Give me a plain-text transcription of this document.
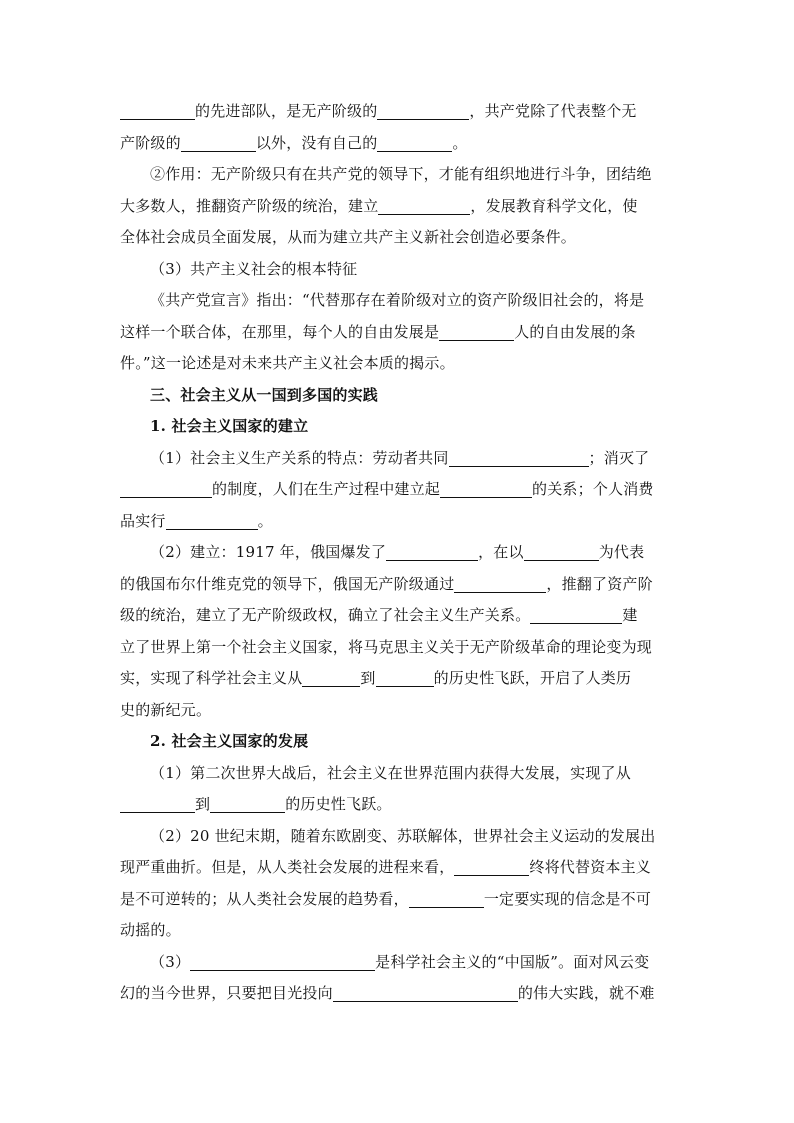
的先进部队，是无产阶级的	，共产党除了代表整个无
产阶级的	以外，没有自己的	。
②作用：无产阶级只有在共产党的领导下，才能有组织地进行斗争，团结绝
大多数人，推翻资产阶级的统治，建立	，发展教育科学文化，使
全体社会成员全面发展，从而为建立共产主义新社会创造必要条件。
（3）共产主义社会的根本特征
《共产党宣言》指出：“代替那存在着阶级对立的资产阶级旧社会的，将是
这样一个联合体，在那里，每个人的自由发展是	人的自由发展的条
件。”这一论述是对未来共产主义社会本质的揭示。
三、社会主义从一国到多国的实践
1. 社会主义国家的建立
（1）社会主义生产关系的特点：劳动者共同	；消灭了
的制度，人们在生产过程中建立起	的关系；个人消费
品实行	。
（2）建立：1917 年，俄国爆发了	，在以	为代表
的俄国布尔什维克党的领导下，俄国无产阶级通过	，推翻了资产阶
级的统治，建立了无产阶级政权，确立了社会主义生产关系。	建
立了世界上第一个社会主义国家，将马克思主义关于无产阶级革命的理论变为现
实，实现了科学社会主义从	到	的历史性飞跃，开启了人类历
史的新纪元。
2. 社会主义国家的发展
（1）第二次世界大战后，社会主义在世界范围内获得大发展，实现了从
到	的历史性飞跃。
（2）20 世纪末期，随着东欧剧变、苏联解体，世界社会主义运动的发展出
现严重曲折。但是，从人类社会发展的进程来看，	终将代替资本主义
是不可逆转的；从人类社会发展的趋势看，	一定要实现的信念是不可
动摇的。
（3）	是科学社会主义的“中国版”。面对风云变
幻的当今世界，只要把目光投向	的伟大实践，就不难
